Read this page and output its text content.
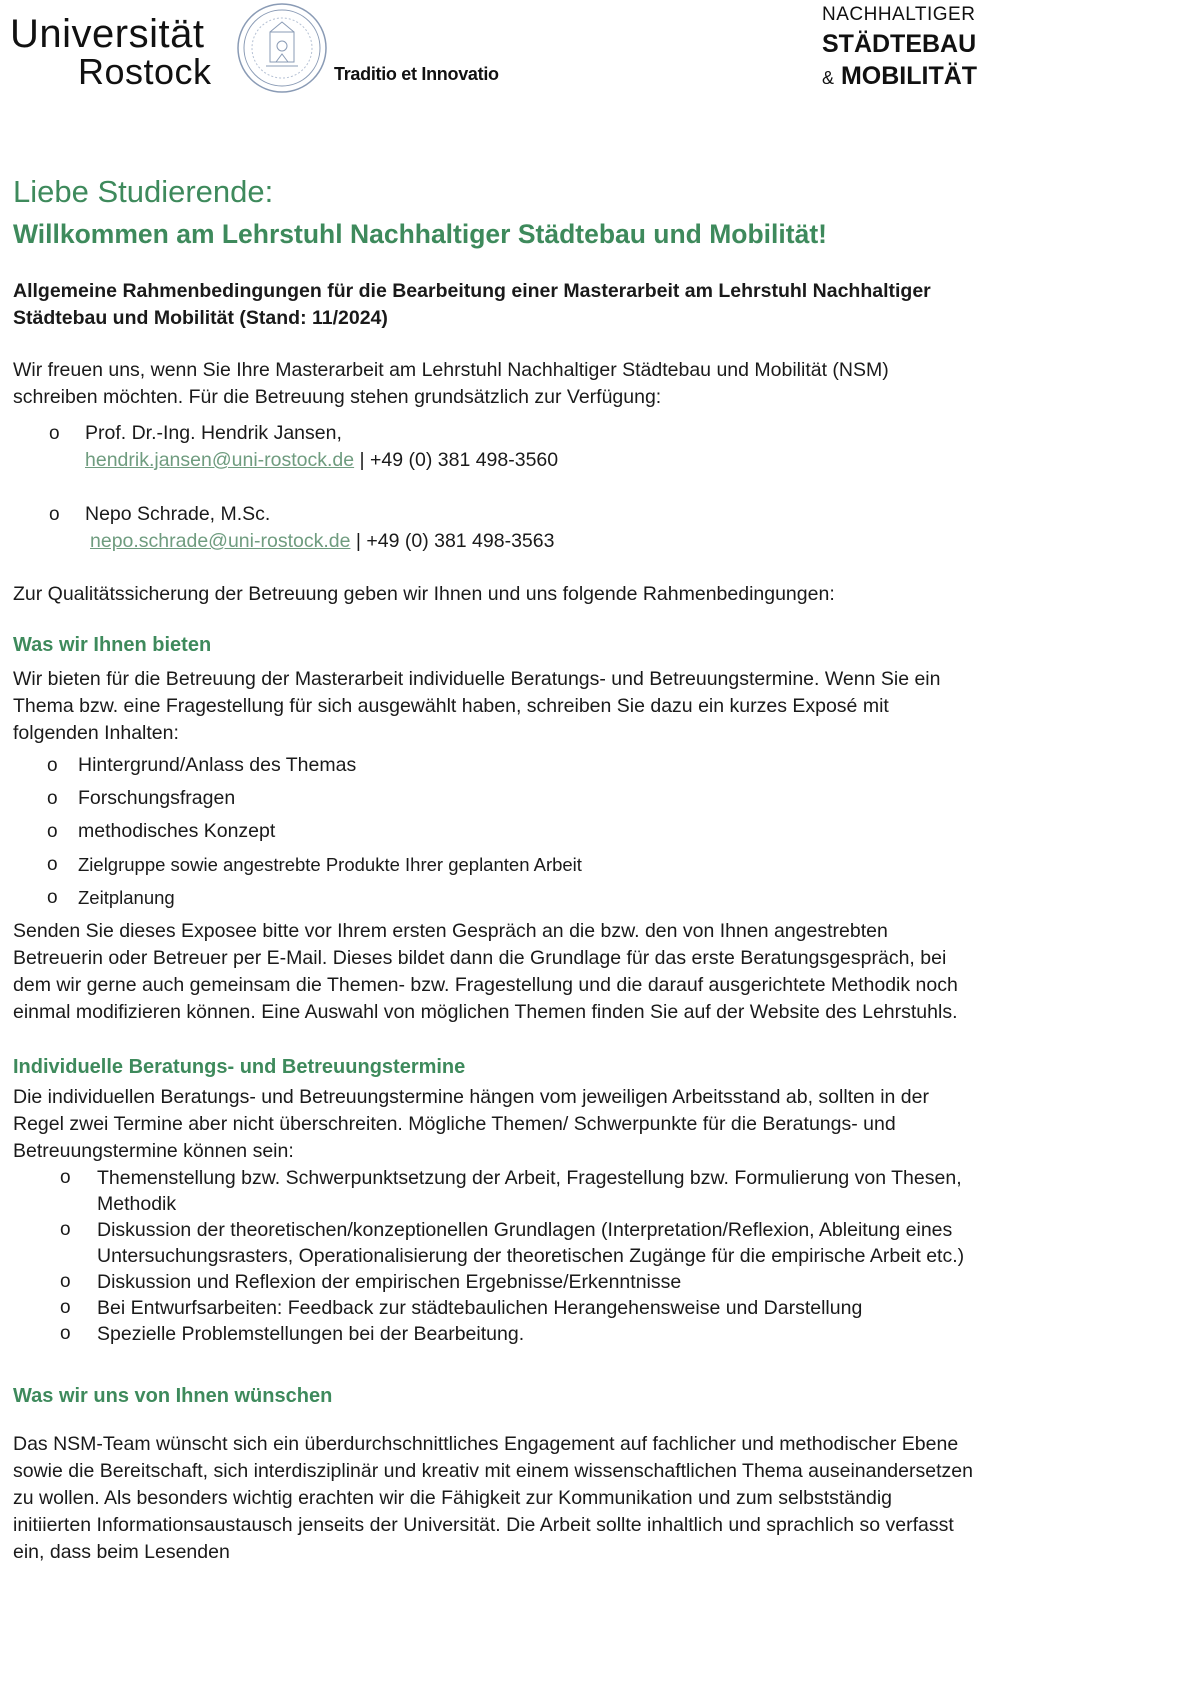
Universität
Rostock	Traditio et Innovatio
NACHHALTIGER
STÄDTEBAU
& MOBILITÄT
Liebe Studierende:
Willkommen am Lehrstuhl Nachhaltiger Städtebau und Mobilität!

Allgemeine Rahmenbedingungen für die Bearbeitung einer Masterarbeit am Lehrstuhl Nachhaltiger Städtebau und Mobilität (Stand: 11/2024)

Wir freuen uns, wenn Sie Ihre Masterarbeit am Lehrstuhl Nachhaltiger Städtebau und Mobilität (NSM) schreiben möchten. Für die Betreuung stehen grundsätzlich zur Verfügung:

o Prof. Dr.-Ing. Hendrik Jansen,
hendrik.jansen@uni-rostock.de | +49 (0) 381 498-3560
o Nepo Schrade, M.Sc.
nepo.schrade@uni-rostock.de | +49 (0) 381 498-3563

Zur Qualitätssicherung der Betreuung geben wir Ihnen und uns folgende Rahmenbedingungen:

Was wir Ihnen bieten

Wir bieten für die Betreuung der Masterarbeit individuelle Beratungs- und Betreuungstermine. Wenn Sie ein Thema bzw. eine Fragestellung für sich ausgewählt haben, schreiben Sie dazu ein kurzes Exposé mit folgenden Inhalten:

o Hintergrund/Anlass des Themas
o Forschungsfragen
o methodisches Konzept
o Zielgruppe sowie angestrebte Produkte Ihrer geplanten Arbeit
o Zeitplanung

Senden Sie dieses Exposee bitte vor Ihrem ersten Gespräch an die bzw. den von Ihnen angestrebten Betreuerin oder Betreuer per E-Mail. Dieses bildet dann die Grundlage für das erste Beratungsgespräch, bei dem wir gerne auch gemeinsam die Themen- bzw. Fragestellung und die darauf ausgerichtete Methodik noch einmal modifizieren können. Eine Auswahl von möglichen Themen finden Sie auf der Website des Lehrstuhls.

Individuelle Beratungs- und Betreuungstermine

Die individuellen Beratungs- und Betreuungstermine hängen vom jeweiligen Arbeitsstand ab, sollten in der Regel zwei Termine aber nicht überschreiten. Mögliche Themen/ Schwerpunkte für die Beratungs- und Betreuungstermine können sein:

o Themenstellung bzw. Schwerpunktsetzung der Arbeit, Fragestellung bzw. Formulierung von Thesen, Methodik
o Diskussion der theoretischen/konzeptionellen Grundlagen (Interpretation/Reflexion, Ableitung eines Untersuchungsrasters, Operationalisierung der theoretischen Zugänge für die empirische Arbeit etc.)
o Diskussion und Reflexion der empirischen Ergebnisse/Erkenntnisse
o Bei Entwurfsarbeiten: Feedback zur städtebaulichen Herangehensweise und Darstellung
o Spezielle Problemstellungen bei der Bearbeitung.
Was wir uns von Ihnen wünschen

Das NSM-Team wünscht sich ein überdurchschnittliches Engagement auf fachlicher und methodischer Ebene sowie die Bereitschaft, sich interdisziplinär und kreativ mit einem wissenschaftlichen Thema auseinandersetzen zu wollen. Als besonders wichtig erachten wir die Fähigkeit zur Kommunikation und zum selbstständig initiierten Informationsaustausch jenseits der Universität. Die Arbeit sollte inhaltlich und sprachlich so verfasst ein, dass beim Lesenden
